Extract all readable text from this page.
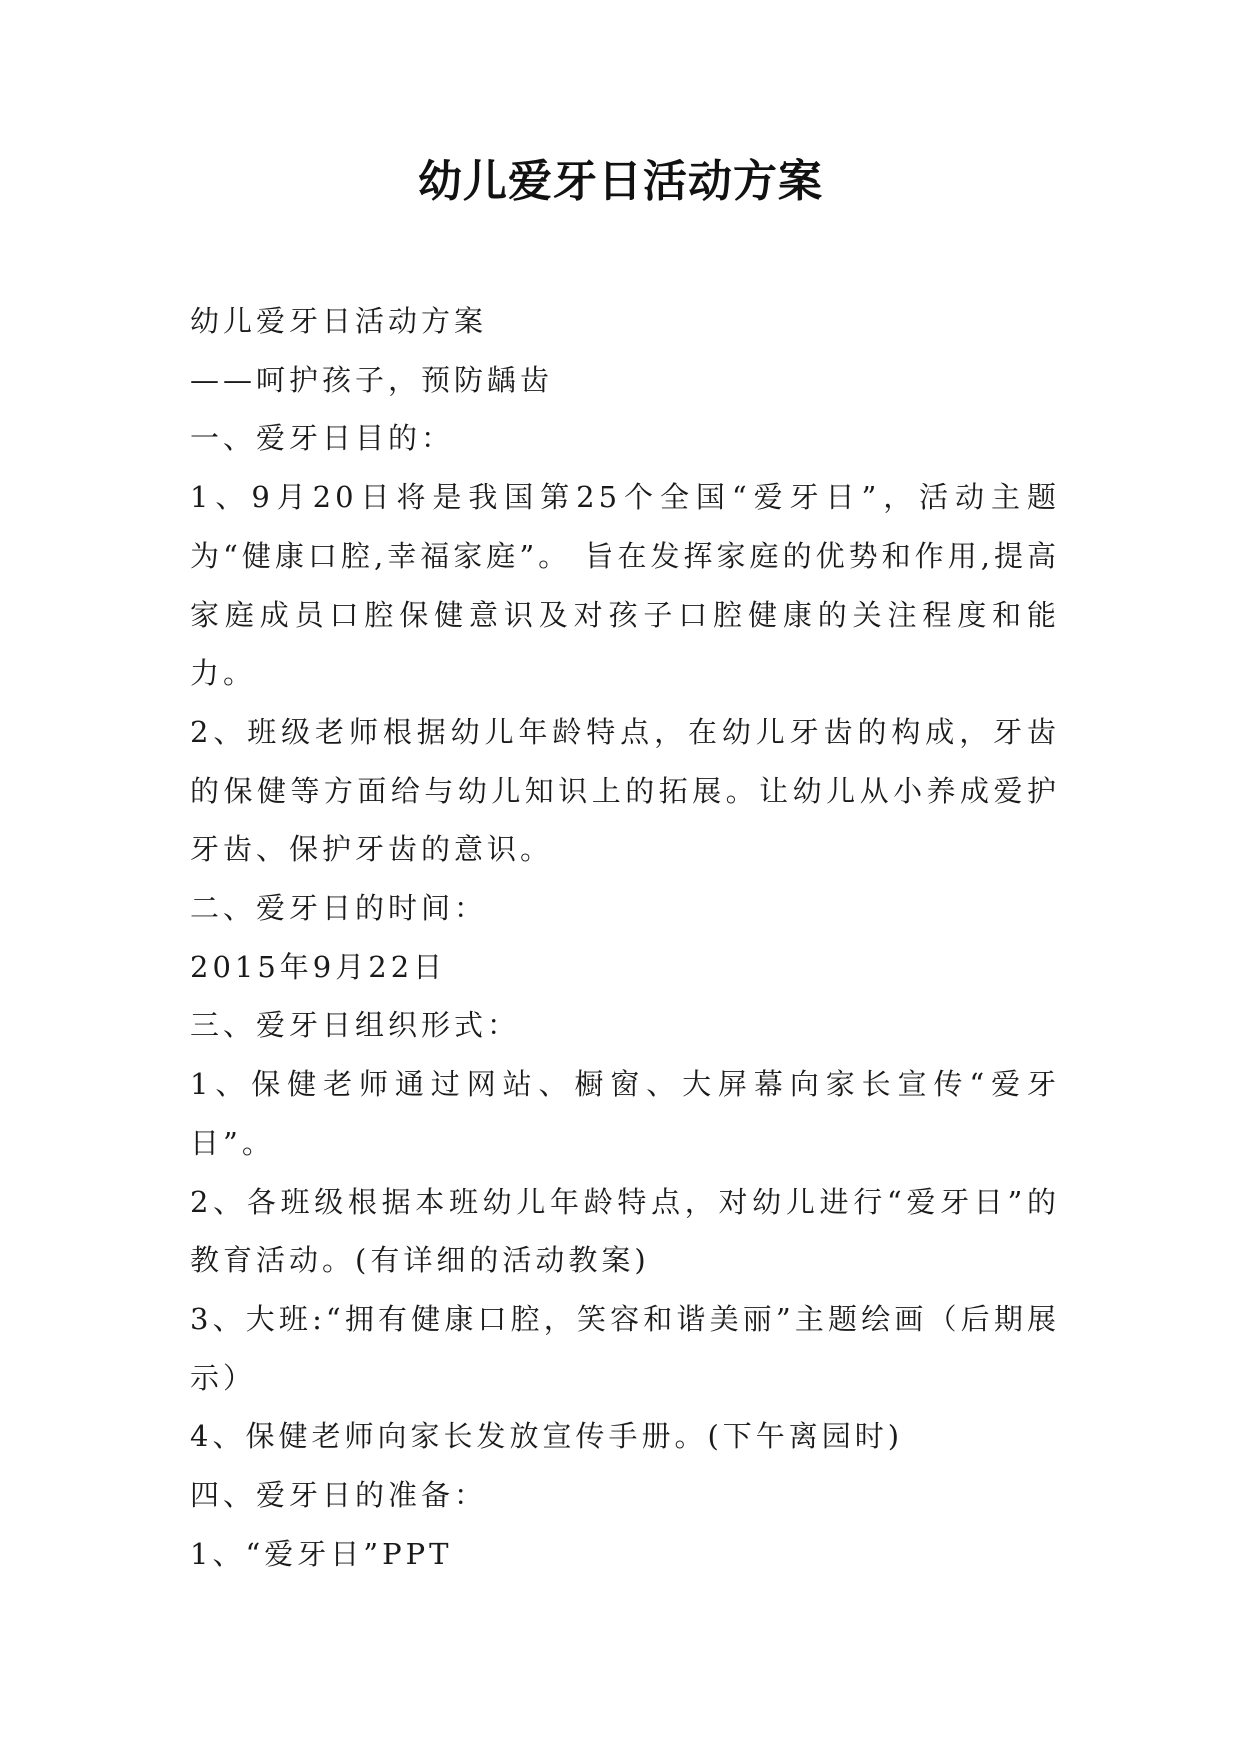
幼儿爱牙日活动方案

幼儿爱牙日活动方案

——呵护孩子，预防龋齿

一、爱牙日目的：

1、9月20日将是我国第25个全国“爱牙日”，活动主题为“健康口腔,幸福家庭”。 旨在发挥家庭的优势和作用,提高家庭成员口腔保健意识及对孩子口腔健康的关注程度和能力。

2、班级老师根据幼儿年龄特点，在幼儿牙齿的构成，牙齿的保健等方面给与幼儿知识上的拓展。让幼儿从小养成爱护牙齿、保护牙齿的意识。

二、爱牙日的时间：

2015年9月22日

三、爱牙日组织形式：

1、保健老师通过网站、橱窗、大屏幕向家长宣传“爱牙日”。

2、各班级根据本班幼儿年龄特点，对幼儿进行“爱牙日”的教育活动。(有详细的活动教案)

3、大班:“拥有健康口腔，笑容和谐美丽”主题绘画（后期展示）

4、保健老师向家长发放宣传手册。(下午离园时)

四、爱牙日的准备：

1、“爱牙日”PPT
